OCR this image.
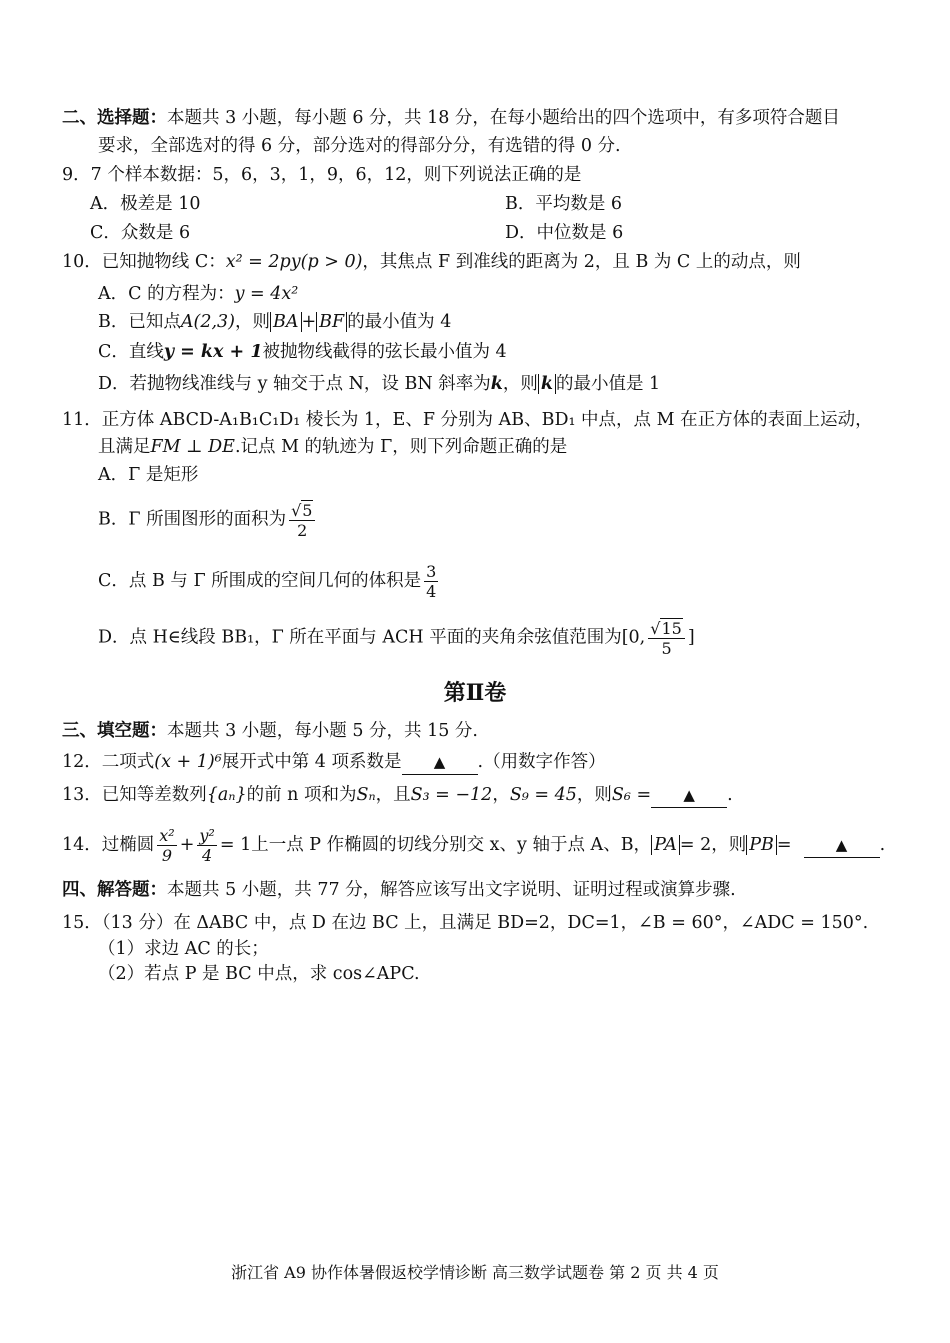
二、选择题：本题共 3 小题，每小题 6 分，共 18 分，在每小题给出的四个选项中，有多项符合题目
要求，全部选对的得 6 分，部分选对的得部分分，有选错的得 0 分.
9．7 个样本数据：5，6，3，1，9，6，12，则下列说法正确的是
A．极差是 10	B．平均数是 6
C．众数是 6	D．中位数是 6
10．已知抛物线 C：x² = 2py(p > 0)，其焦点 F 到准线的距离为 2，且 B 为 C 上的动点，则
A．C 的方程为：y = 4x²
B．已知点A(2,3)，则 BA + BF 的最小值为 4
C．直线y = kx + 1被抛物线截得的弦长最小值为 4
D．若抛物线准线与 y 轴交于点 N，设 BN 斜率为k，则 k 的最小值是 1
11．正方体 ABCD-A₁B₁C₁D₁ 棱长为 1，E、F 分别为 AB、BD₁ 中点，点 M 在正方体的表面上运动，
且满足FM ⊥ DE.记点 M 的轨迹为 Γ，则下列命题正确的是
A．Γ 是矩形
B．Γ 所围图形的面积为 $\frac{√5}{2}$
C．点 B 与 Γ 所围成的空间几何的体积是 $\frac{3}{4}$
D．点 H∈线段 BB₁，Γ 所在平面与 ACH 平面的夹角余弦值范围为[0, $\frac{√15}{5}$ ]
第Ⅱ卷
三、填空题：本题共 3 小题，每小题 5 分，共 15 分.
12．二项式(x + 1)⁶展开式中第 4 项系数是 ▲ .（用数字作答）
13．已知等差数列{aₙ}的前 n 项和为Sₙ，且S₃ = −12，S₉ = 45，则S₆ = ▲ .
14．过椭圆 $\frac{\text{x²}}{9} + \frac{\text{y²}}{4} = 1$上一点 P 作椭圆的切线分别交 x、y 轴于点 A、B， PA = 2，则 PB =	▲ .
四、解答题：本题共 5 小题，共 77 分，解答应该写出文字说明、证明过程或演算步骤.
15．（13 分）在 ΔABC 中，点 D 在边 BC 上，且满足 BD=2，DC=1，∠B = 60°，∠ADC = 150°.
（1）求边 AC 的长；
（2）若点 P 是 BC 中点，求 cos∠APC.
浙江省 A9 协作体暑假返校学情诊断 高三数学试题卷 第 2 页 共 4 页
